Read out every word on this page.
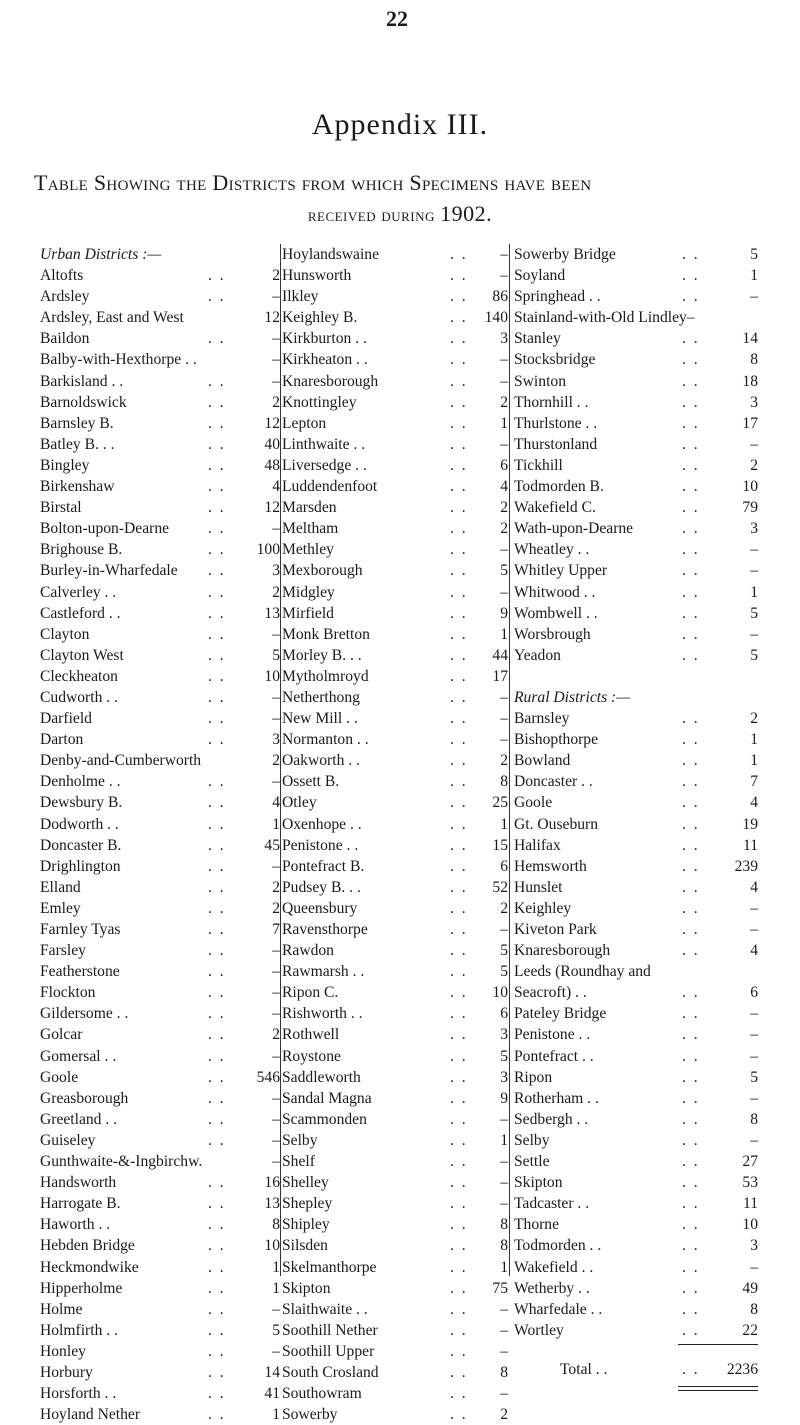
22
Appendix III.
Table Showing the Districts from which Specimens have been
received during 1902.
Urban Districts :—
Altofts	. .	2
Ardsley	. .	–
Ardsley, East and West	12
Baildon	. .	–
Balby-with-Hexthorpe . .	–
Barkisland . .	. .	–
Barnoldswick	. .	2
Barnsley B.	. . 12
Batley B. . .	. . 40
Bingley	. . 48
Birkenshaw	. .	4
Birstal	. . 12
Bolton-upon-Dearne . .	–
Brighouse B.	. . 100
Burley-in-Wharfedale . .	3
Calverley . .	. .	2
Castleford . .	. . 13
Clayton	. .	–
Clayton West	. .	5
Cleckheaton	. . 10
Cudworth . .	. .	–
Darfield	. .	–
Darton	. .	3
Denby-and-Cumberworth	2
Denholme . .	. .	–
Dewsbury B.	. .	4
Dodworth . .	. .	1
Doncaster B.	. . 45
Drighlington	. .	–
Elland	. .	2
Emley	. .	2
Farnley Tyas	. .	7
Farsley	. .	–
Featherstone	. .	–
Flockton	. .	–
Gildersome . .	. .	–
Golcar	. .	2
Gomersal . .	. .	–
Goole	. . 546
Greasborough	. .	–
Greetland . .	. .	–
Guiseley	. .	–
Gunthwaite-&-Ingbirchw.	–
Handsworth	. . 16
Harrogate B.	. . 13
Haworth . .	. .	8
Hebden Bridge	. . 10
Heckmondwike	. .	1
Hipperholme	. .	1
Holme	. .	–
Holmfirth . .	. .	5
Honley	. .	–
Horbury	. . 14
Horsforth . .	. . 41
Hoyland Nether	. .	1
Hoylandswaine	. . –
Hunsworth	. . –
Ilkley	. . 86
Keighley B.	. . 140
Kirkburton . .	. . 3
Kirkheaton . .	. . –
Knaresborough	. . –
Knottingley	. . 2
Lepton	. . 1
Linthwaite . .	. . –
Liversedge . .	. . 6
Luddendenfoot	. . 4
Marsden	. . 2
Meltham	. . 2
Methley	. . –
Mexborough	. . 5
Midgley	. . –
Mirfield	. . 9
Monk Bretton	. . 1
Morley B. . .	. . 44
Mytholmroyd	. . 17
Netherthong	. . –
New Mill . .	. . –
Normanton . .	. . –
Oakworth . .	. . 2
Ossett B.	. . 8
Otley	. . 25
Oxenhope . .	. . 1
Penistone . .	. . 15
Pontefract B.	. . 6
Pudsey B. . .	. . 52
Queensbury	. . 2
Ravensthorpe	. . –
Rawdon	. . 5
Rawmarsh . .	. . 5
Ripon C.	. . 10
Rishworth . .	. . 6
Rothwell	. . 3
Roystone	. . 5
Saddleworth	. . 3
Sandal Magna	. . 9
Scammonden	. . –
Selby	. . 1
Shelf	. . –
Shelley	. . –
Shepley	. . –
Shipley	. . 8
Silsden	. . 8
Skelmanthorpe	. . 1
Skipton	. . 75
Slaithwaite . .	. . –
Soothill Nether	. . –
Soothill Upper	. . –
South Crosland	. . 8
Southowram	. . –
Sowerby	. . 2
Sowerby Bridge	. .	5
Soyland	. .	1
Springhead . .	. .	–
Stainland-with-Old Lindley–
Stanley	. .	14
Stocksbridge	. .	8
Swinton	. .	18
Thornhill . .	. .	3
Thurlstone . .	. .	17
Thurstonland	. .	–
Tickhill	. .	2
Todmorden B.	. .	10
Wakefield C.	. .	79
Wath-upon-Dearne	. .	3
Wheatley . .	. .	–
Whitley Upper	. .	–
Whitwood . .	. .	1
Wombwell . .	. .	5
Worsbrough	. .	–
Yeadon	. .	5
Rural Districts :—
Barnsley	. .	2
Bishopthorpe	. .	1
Bowland	. .	1
Doncaster . .	. .	7
Goole	. .	4
Gt. Ouseburn	. .	19
Halifax	. .	11
Hemsworth	. . 239
Hunslet	. .	4
Keighley	. .	–
Kiveton Park	. .	–
Knaresborough	. .	4
Leeds (Roundhay and
Seacroft) . .	. .	6
Pateley Bridge	. .	–
Penistone . .	. .	–
Pontefract . .	. .	–
Ripon	. .	5
Rotherham . .	. .	–
Sedbergh . .	. .	8
Selby	. .	–
Settle	. .	27
Skipton	. .	53
Tadcaster . .	. .	11
Thorne	. .	10
Todmorden . .	. .	3
Wakefield . .	. .	–
Wetherby . .	. .	49
Wharfedale . .	. .	8
Wortley	. .	22
Total . .	. . 2236
